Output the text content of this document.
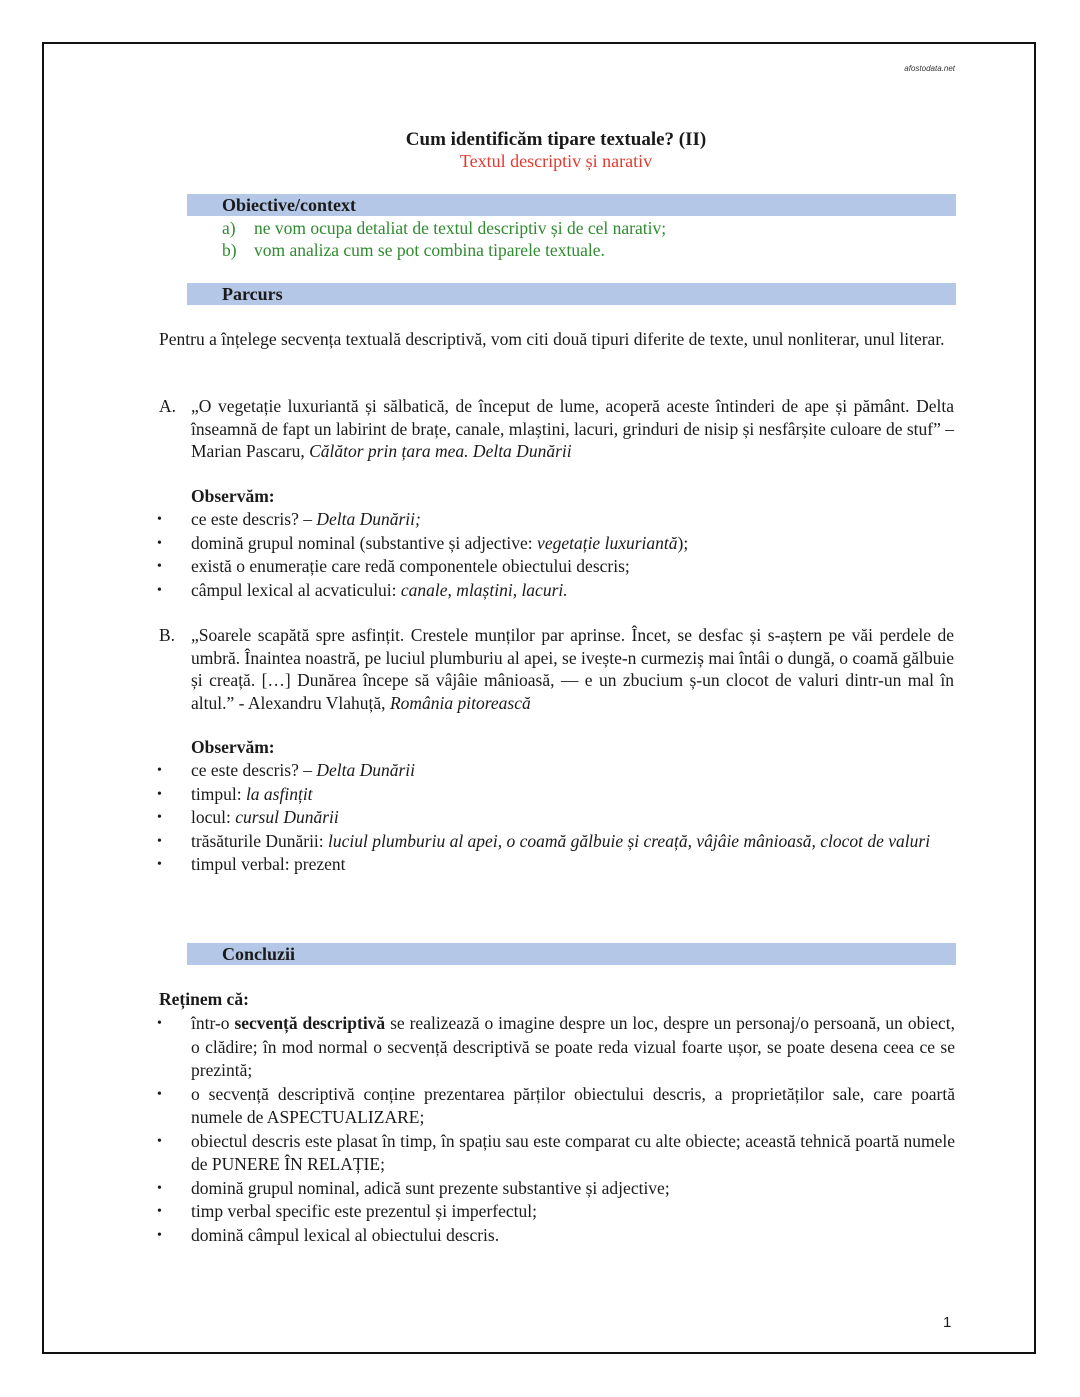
afostodata.net
Cum identificăm tipare textuale? (II)
Textul descriptiv și narativ
Obiective/context
a) ne vom ocupa detaliat de textul descriptiv și de cel narativ;
b) vom analiza cum se pot combina tiparele textuale.
Parcurs
Pentru a înțelege secvența textuală descriptivă, vom citi două tipuri diferite de texte, unul nonliterar, unul literar.
A. „O vegetație luxuriantă și sălbatică, de început de lume, acoperă aceste întinderi de ape și pământ. Delta înseamnă de fapt un labirint de brațe, canale, mlaștini, lacuri, grinduri de nisip și nesfârșite culoare de stuf” – Marian Pascaru, Călător prin țara mea. Delta Dunării
Observăm:
• ce este descris? – Delta Dunării;
• domină grupul nominal (substantive și adjective: vegetație luxuriantă);
• există o enumerație care redă componentele obiectului descris;
• câmpul lexical al acvaticului: canale, mlaștini, lacuri.
B. „Soarele scapătă spre asfințit. Crestele munților par aprinse. Încet, se desfac și s-aștern pe văi perdele de umbră. Înaintea noastră, pe luciul plumburiu al apei, se ivește-n curmeziș mai întâi o dungă, o coamă gălbuie și creață. […] Dunărea începe să vâjâie mânioasă, — e un zbucium ș-un clocot de valuri dintr-un mal în altul.” - Alexandru Vlahuță, România pitorească
Observăm:
• ce este descris? – Delta Dunării
• timpul: la asfințit
• locul: cursul Dunării
• trăsăturile Dunării: luciul plumburiu al apei, o coamă gălbuie și creață, vâjâie mânioasă, clocot de valuri
• timpul verbal: prezent
Concluzii
Reținem că:
• într-o secvență descriptivă se realizează o imagine despre un loc, despre un personaj/o persoană, un obiect, o clădire; în mod normal o secvență descriptivă se poate reda vizual foarte ușor, se poate desena ceea ce se prezintă;
• o secvență descriptivă conține prezentarea părților obiectului descris, a proprietăților sale, care poartă numele de ASPECTUALIZARE;
• obiectul descris este plasat în timp, în spațiu sau este comparat cu alte obiecte; această tehnică poartă numele de PUNERE ÎN RELAȚIE;
• domină grupul nominal, adică sunt prezente substantive și adjective;
• timp verbal specific este prezentul și imperfectul;
• domină câmpul lexical al obiectului descris.
1
